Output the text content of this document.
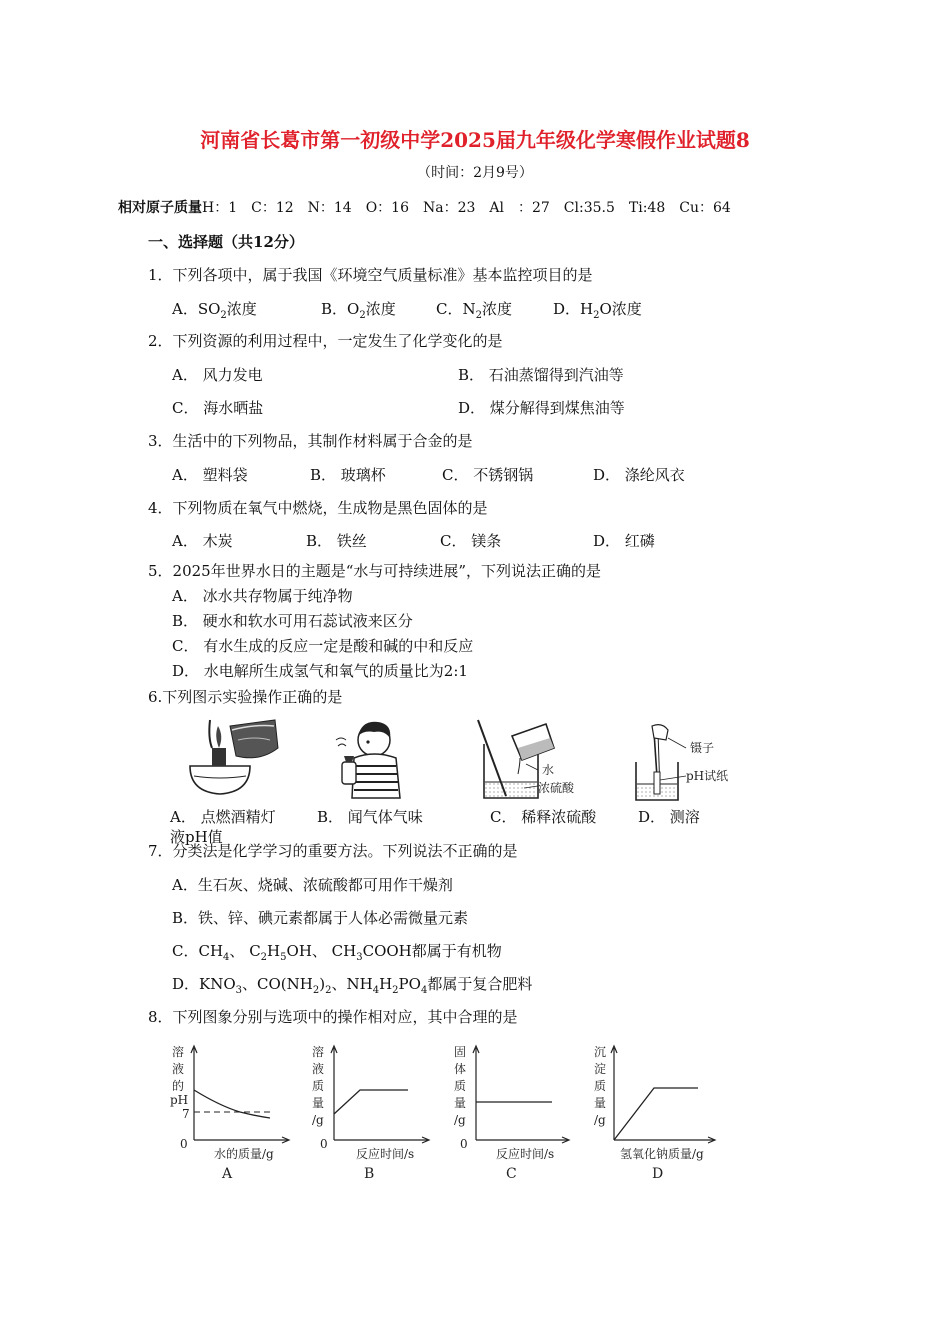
河南省长葛市第一初级中学2025届九年级化学寒假作业试题8
（时间：2月9号）
相对原子质量H：1　C：12　N：14　O：16　Na：23　Al　：27　Cl:35.5　Ti:48　Cu：64
一、选择题（共12分）
1．下列各项中，属于我国《环境空气质量标准》基本监控项目的是
A．$SO_2$浓度	B．$O_2$浓度	C．$N_2$浓度	D．$H_2O$浓度
2．下列资源的利用过程中，一定发生了化学变化的是
A． 风力发电	B． 石油蒸馏得到汽油等
C． 海水晒盐	D． 煤分解得到煤焦油等
3．生活中的下列物品，其制作材料属于合金的是
A． 塑料袋	B． 玻璃杯	C． 不锈钢锅	D． 涤纶风衣
4．下列物质在氧气中燃烧，生成物是黑色固体的是
A． 木炭	B． 铁丝	C． 镁条	D． 红磷
5．2025年世界水日的主题是“水与可持续进展”，下列说法正确的是
A． 冰水共存物属于纯净物
B． 硬水和软水可用石蕊试液来区分
C． 有水生成的反应一定是酸和碱的中和反应
D． 水电解所生成氢气和氧气的质量比为2:1
6.下列图示实验操作正确的是
水
浓硫酸
镊子
pH试纸
A． 点燃酒精灯	B． 闻气体气味	C． 稀释浓硫酸	D． 测溶
液pH值
7．分类法是化学学习的重要方法。下列说法不正确的是
A．生石灰、烧碱、浓硫酸都可用作干燥剂
B．铁、锌、碘元素都属于人体必需微量元素
C．$CH_4$、 $C_2H_5OH$、 $CH_3COOH$都属于有机物
D．$KNO_3$、$CO(NH_2)_2$、$NH_4H_2PO_4$都属于复合肥料
8．下列图象分别与选项中的操作相对应，其中合理的是
溶
液
的
pH
7
0
水的质量/g
A
溶
液
质
量
/g
0
反应时间/s
B
固
体
质
量
/g
0
反应时间/s
C
沉
淀
质
量
/g
氢氧化钠质量/g
D
